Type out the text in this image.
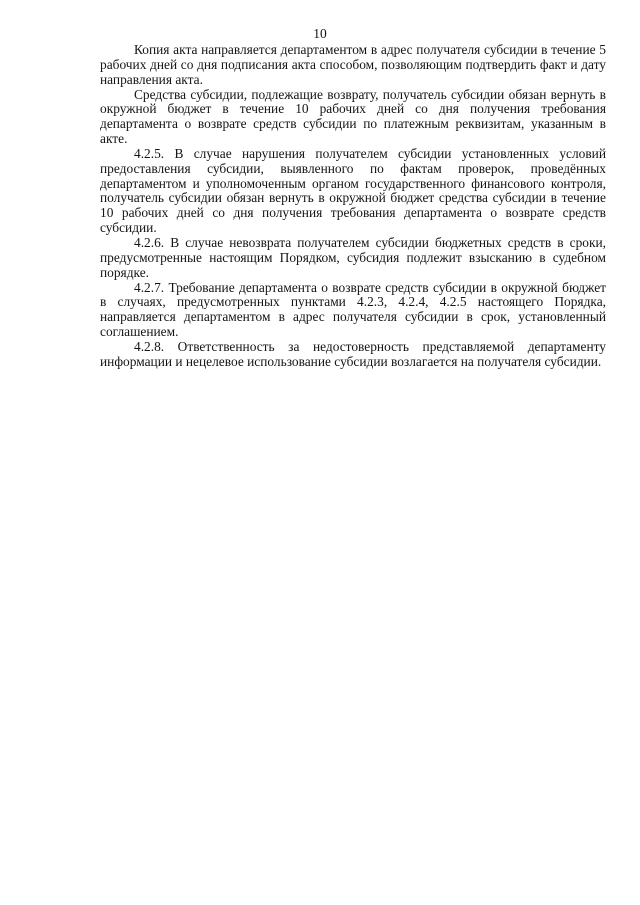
10

Копия акта направляется департаментом в адрес получателя субсидии в течение 5 рабочих дней со дня подписания акта способом, позволяющим подтвердить факт и дату направления акта.

Средства субсидии, подлежащие возврату, получатель субсидии обязан вернуть в окружной бюджет в течение 10 рабочих дней со дня получения требования департамента о возврате средств субсидии по платежным реквизитам, указанным в акте.

4.2.5. В случае нарушения получателем субсидии установленных условий предоставления субсидии, выявленного по фактам проверок, проведённых департаментом и уполномоченным органом государственного финансового контроля, получатель субсидии обязан вернуть в окружной бюджет средства субсидии в течение 10 рабочих дней со дня получения требования департамента о возврате средств субсидии.

4.2.6. В случае невозврата получателем субсидии бюджетных средств в сроки, предусмотренные настоящим Порядком, субсидия подлежит взысканию в судебном порядке.

4.2.7. Требование департамента о возврате средств субсидии в окружной бюджет в случаях, предусмотренных пунктами 4.2.3, 4.2.4, 4.2.5 настоящего Порядка, направляется департаментом в адрес получателя субсидии в срок, установленный соглашением.

4.2.8. Ответственность за недостоверность представляемой департаменту информации и нецелевое использование субсидии возлагается на получателя субсидии.
